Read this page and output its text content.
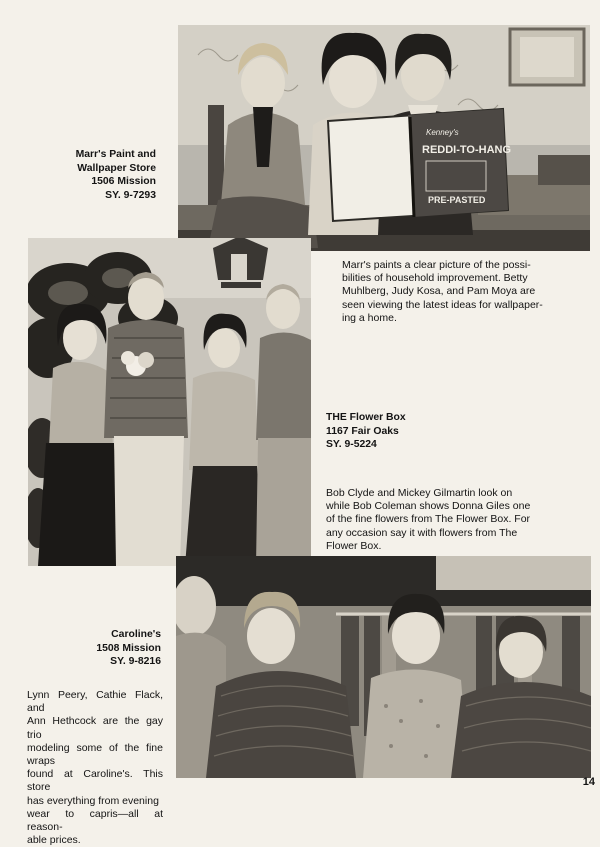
Kenney's
REDDI-TO-HANG
PRE-PASTED
Marr's Paint and
Wallpaper Store
1506 Mission
SY. 9-7293
Marr's paints a clear picture of the possi-
bilities of household improvement. Betty
Muhlberg, Judy Kosa, and Pam Moya are
seen viewing the latest ideas for wallpaper-
ing a home.
THE Flower Box
1167 Fair Oaks
SY. 9-5224
Bob Clyde and Mickey Gilmartin look on
while Bob Coleman shows Donna Giles one
of the fine flowers from The Flower Box. For
any occasion say it with flowers from The
Flower Box.
Caroline's
1508 Mission
SY. 9-8216
Lynn Peery, Cathie Flack, and
Ann Hethcock are the gay trio
modeling some of the fine wraps
found at Caroline's. This store
has everything from evening
wear to capris—all at reason-
able prices.
14
